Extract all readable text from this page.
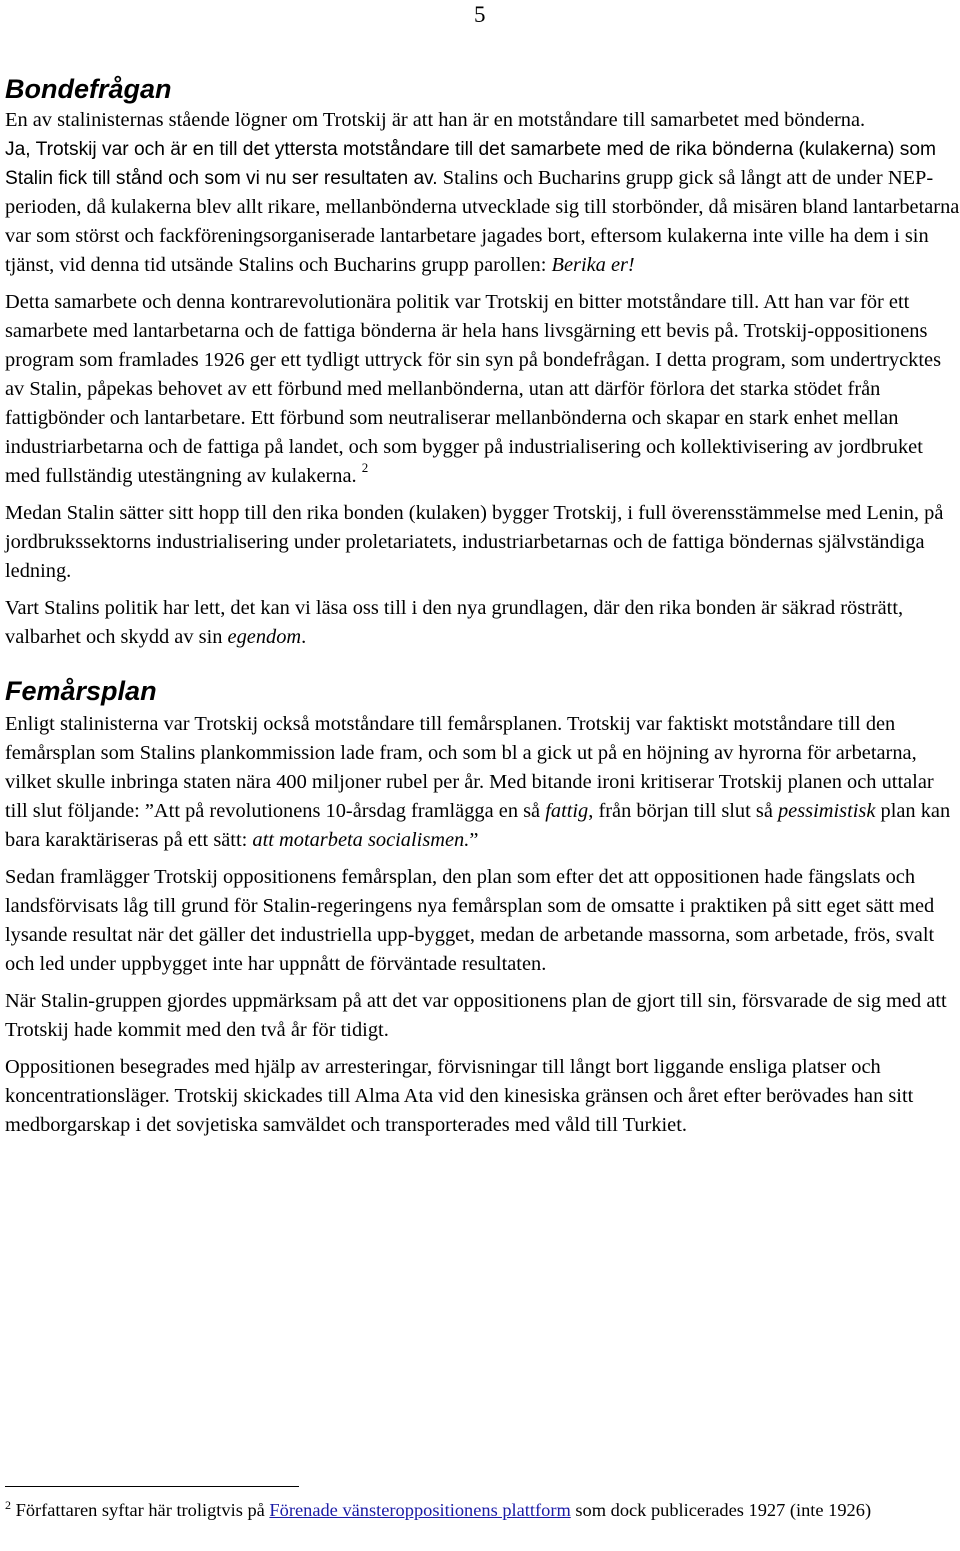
5
Bondefrågan

En av stalinisternas stående lögner om Trotskij är att han är en motståndare till samarbetet med bönderna.

Ja, Trotskij var och är en till det yttersta motståndare till det samarbete med de rika bönderna (kulakerna) som Stalin fick till stånd och som vi nu ser resultaten av. Stalins och Bucharins grupp gick så långt att de under NEP-perioden, då kulakerna blev allt rikare, mellanbönderna utvecklade sig till storbönder, då misären bland lantarbetarna var som störst och fackföreningsorganiserade lantarbetare jagades bort, eftersom kulakerna inte ville ha dem i sin tjänst, vid denna tid utsände Stalins och Bucharins grupp parollen: Berika er!

Detta samarbete och denna kontrarevolutionära politik var Trotskij en bitter motståndare till. Att han var för ett samarbete med lantarbetarna och de fattiga bönderna är hela hans livsgärning ett bevis på. Trotskij-oppositionens program som framlades 1926 ger ett tydligt uttryck för sin syn på bondefrågan. I detta program, som undertrycktes av Stalin, påpekas behovet av ett förbund med mellanbönderna, utan att därför förlora det starka stödet från fattigbönder och lantarbetare. Ett förbund som neutraliserar mellanbönderna och skapar en stark enhet mellan industriarbetarna och de fattiga på landet, och som bygger på industrialisering och kollektivisering av jordbruket med fullständig utestängning av kulakerna. $^2$

Medan Stalin sätter sitt hopp till den rika bonden (kulaken) bygger Trotskij, i full överensstämmelse med Lenin, på jordbrukssektorns industrialisering under proletariatets, industriarbetarnas och de fattiga böndernas självständiga ledning.

Vart Stalins politik har lett, det kan vi läsa oss till i den nya grundlagen, där den rika bonden är säkrad rösträtt, valbarhet och skydd av sin egendom.

Femårsplan

Enligt stalinisterna var Trotskij också motståndare till femårsplanen. Trotskij var faktiskt motståndare till den femårsplan som Stalins plankommission lade fram, och som bl a gick ut på en höjning av hyrorna för arbetarna, vilket skulle inbringa staten nära 400 miljoner rubel per år. Med bitande ironi kritiserar Trotskij planen och uttalar till slut följande: ”Att på revolutionens 10-årsdag framlägga en så fattig, från början till slut så pessimistisk plan kan bara karaktäriseras på ett sätt: att motarbeta socialismen.”

Sedan framlägger Trotskij oppositionens femårsplan, den plan som efter det att oppositionen hade fängslats och landsförvisats låg till grund för Stalin-regeringens nya femårsplan som de omsatte i praktiken på sitt eget sätt med lysande resultat när det gäller det industriella upp-bygget, medan de arbetande massorna, som arbetade, frös, svalt och led under uppbygget inte har uppnått de förväntade resultaten.

När Stalin-gruppen gjordes uppmärksam på att det var oppositionens plan de gjort till sin, försvarade de sig med att Trotskij hade kommit med den två år för tidigt.

Oppositionen besegrades med hjälp av arresteringar, förvisningar till långt bort liggande ensliga platser och koncentrationsläger. Trotskij skickades till Alma Ata vid den kinesiska gränsen och året efter berövades han sitt medborgarskap i det sovjetiska samväldet och transporterades med våld till Turkiet.

$^2$ Författaren syftar här troligtvis på Förenade vänsteroppositionens plattform som dock publicerades 1927 (inte 1926)
